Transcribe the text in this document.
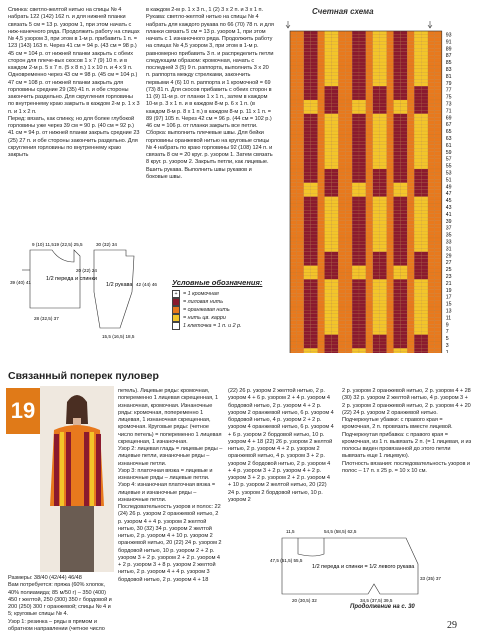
Спинка: светло-желтой нитью на спицы № 4 набрать 122 (142) 162 п. и для нижней планки связать 5 см = 13 р. узором 1, при этом начать с ниж-нанечного ряда. Продолжить работу на спицах № 4,5 узором 3, при этом в 1-м р. прибавить 1 п. = 123 (143) 163 п. Через 41 см = 94 р. (43 см = 98 р.) 45 см = 104 р. от нижней планки закрыть с обеих сторон для плече-вых скосов 1 х 7 (9) 10 п. и в каждом 2-м р. 5 х 7 п. (5 х 8 п.) 1 х 10 п. и 4 х 9 п. Одновременно через 43 см = 98 р. (45 см = 104 р.) 47 см = 108 р. от нижней планки закрыть для горловины средние 29 (35) 41 п. и обе стороны закончить раздельно. Для скругления горловины по внутреннему краю закрыть в каждом 2-м р. 1 х 3 п. и 1 х 2 п.
Перед: вязать, как спинку, но для более глубокой горловины уже через 39 см = 90 р. (40 см = 92 р.) 41 см = 94 р. от нижней планки закрыть средние 23 (25) 27 п. и обе стороны закончить раздельно. Для скругления горловины по внутреннему краю закрыть

в каждом 2-м р. 1 х 3 п., 1 (2) 3 х 2 п. и 3 х 1 п.
Рукава: светло-желтой нитью на спицы № 4 набрать для каждого рукава по 66 (70) 78 п. и для планки связать 5 см = 13 р. узором 1, при этом начать с 1 изнаночного ряда. Продолжить работу на спицах № 4,5 узором 3, при этом в 1-м р. равномерно прибавить 3 п. и распределить петли следующим образом: кромочная, начать с последней 3 (5) 9 п. раппорта, выполнить 3 х 20 п. раппорта между стрелками, закончить первыми 4 (6) 10 п. раппорта и 1 кромочной = 69 (73) 81 п. Для скосов прибавить с обеих сторон в 11 (9) 11-м р. от планки 1 х 1 п., затем в каждом 10-м р. 3 х 1 п. и в каждом 8-м р. 6 х 1 п. (в каждом 8-м р. 8 х 1 п.) в каждом 8-м р. 11 х 1 п. = 89 (97) 105 п. Через 42 см = 96 р. (44 см = 102 р.) 46 см = 106 р. от планки закрыть все петли.
Сборка: выполнить плечевые швы. Для бейки горловины оранжевой нитью на круговые спицы № 4 набрать по краю горловины 92 (108) 124 п. и связать 8 см = 20 круг. р. узором 1. Затем связать 8 круг. р. узором 2. Закрыть петли, как лицевые. Вшить рукава. Выполнить швы рукавов и боковые швы.

1/2 переда и спинки
1/2 рукава
9 (10) 11,5 19 (22,5) 25,5
20 (22) 24
39 (40) 41
28 (32,5) 37
30 (32) 34
42 (44) 46
15,5 (16,5) 18,5
Условные обозначения:
+	= 1 кромочная
= лиловая нить
= оранжевая нить
= нить цв. карри
1 клеточка = 1 п. и 2 р.
Счетная схема
93
91
89
87
85
83
81
79
77
75
73
71
69
67
65
63
61
59
57
55
53
51
49
47
45
43
41
39
37
35
33
31
29
27
25
23
21
19
17
15
13
11
9
7
5
3
1
Связанный поперек пуловер
19

Размеры: 38/40 (42/44) 46/48
Вам потребуется: пряжа (60% хлопок, 40% полиамида; 85 м/50 г) – 350 (400) 450 г желтой, 250 (300) 350 г бордовой и 200 (250) 300 г оранжевой; спицы № 4 и 5; круговые спицы № 4.
Узор 1: резинка – ряды в прямом и обратном направлении (четное число

петель). Лицевые ряды: кромочная, попеременно 1 лицевая скрещенная, 1 изнаночная, кромочная. Изнаночные ряды: кромочная, попеременно 1 лицевая, 1 изнаночная скрещенная, кромочная. Круговые ряды: (четное число петель) = попеременно 1 лицевая скрещенная, 1 изнаночная.
Узор 2: лицевая гладь = лицевые ряды – лицевые петли, изнаночные ряды – изнаночные петли.
Узор 3: платочная вязка = лицевые и изнаночные ряды – лицевые петли.
Узор 4: изнаночная платочная вязка = лицевые и изнаночные ряды – изнаночные петли.
Последовательность узоров и полос: 22 (24) 26 р. узором 2 оранжевой нитью, 2 р. узором 4 + 4 р. узором 2 желтой нитью, 30 (32) 34 р. узором 2 желтой нитью, 2 р. узором 4 + 10 р. узором 2 оранжевой нитью, 20 (22) 24 р. узором 2 бордовой нитью, 10 р. узором 2 + 2 р. узором 3 + 2 р. узором 2 + 2 р. узором 4 + 2 р. узором 3 + 8 р. узором 2 желтой нитью, 2 р. узором 4 + 4 р. узором 3 бордовой нитью, 2 р. узором 4 + 18

(22) 26 р. узором 2 желтой нитью, 2 р. узором 4 + 6 р. узором 2 + 4 р. узором 4 бордовой нитью, 2 р. узором 4 + 2 р. узором 2 оранжевой нитью, 6 р. узором 4 бордовой нитью, 4 р. узором 2 + 2 р. узором 4 оранжевой нитью, 6 р. узором 4 + 6 р. узором 2 бордовой нитью, 10 р. узором 4 + 18 (22) 26 р. узором 2 желтой нитью, 2 р. узором 4 + 2 р. узором 2 оранжевой нитью, 4 р. узором 3 + 2 р. узором 2 бордовой нитью, 2 р. узором 4 + 4 р. узором 3 + 2 р. узором 4 + 2 р. узором 3 + 2 р. узором 2 + 2 р. узором 4 + 10 р. узором 2 желтой нитью, 20 (22) 24 р. узором 2 бордовой нитью, 10 р. узором 2

2 р. узором 2 оранжевой нитью, 2 р. узором 4 + 28 (30) 32 р. узором 2 желтой нитью, 4 р. узором 3 + 2 р. узором 2 оранжевой нитью, 2 р. узором 4 + 20 (22) 24 р. узором 2 оранжевой нитью.
Подчеркнутые убавки: с правого края = кромочная, 2 п. провязать вместе лицевой.
Подчеркнутая прибавка: с правого края = кромочная, из 1 п. вывязать 2 п. (= 1 лицевая, и из полосы виден провязанной до этого петли вывязать еще 1 лицевую).
Плотность вязания: последовательность узоров и полос – 17 п. х 25 р. = 10 х 10 см.

1/2 переда и спинки = 1/2 левого рукава
11,5	54,5 (58,5) 62,5
47,5 (51,5) 55,5
33 (35) 37
20 (30,5) 32	34,5 (37,5) 39,5
Продолжение на с. 30
29
